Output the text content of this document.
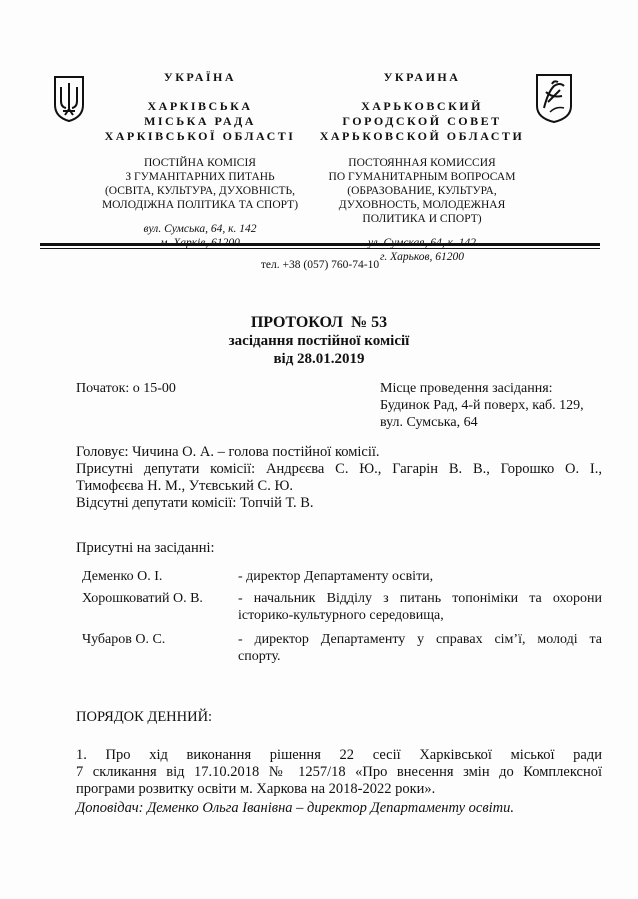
УКРАЇНА
ХАРКІВСЬКА
МІСЬКА РАДА
ХАРКІВСЬКОЇ ОБЛАСТІ
ПОСТІЙНА КОМІСІЯ
З ГУМАНІТАРНИХ ПИТАНЬ
(ОСВІТА, КУЛЬТУРА, ДУХОВНІСТЬ,
МОЛОДІЖНА ПОЛІТИКА ТА СПОРТ)
вул. Сумська, 64, к. 142
УКРАИНА
ХАРЬКОВСКИЙ
ГОРОДСКОЙ СОВЕТ
ХАРЬКОВСКОЙ ОБЛАСТИ
ПОСТОЯННАЯ КОМИССИЯ
ПО ГУМАНИТАРНЫМ ВОПРОСАМ
(ОБРАЗОВАНИЕ, КУЛЬТУРА,
ДУХОВНОСТЬ, МОЛОДЕЖНАЯ
ПОЛИТИКА И СПОРТ)
г. Харьков, 61200
тел. +38 (057) 760-74-10
ПРОТОКОЛ  № 53
засідання постійної комісії
від 28.01.2019
Початок: о 15-00	Місце проведення засідання:
Будинок Рад, 4-й поверх, каб. 129,
вул. Сумська, 64
Головує: Чичина О. А. – голова постійної комісії.
Присутні депутати комісії: Андрєєва С. Ю., Гагарін В. В., Горошко О. І.,
Тимофєєва Н. М., Утєвський С. Ю.
Відсутні депутати комісії: Топчій Т. В.
Присутні на засіданні:
Деменко О. І.	- директор Департаменту освіти,
Хорошковатий О. В.	- начальник Відділу з питань топоніміки та охорони
історико-культурного середовища,
Чубаров О. С.	- директор Департаменту у справах сім’ї, молоді та
спорту.
ПОРЯДОК ДЕННИЙ:
1. Про хід виконання рішення 22 сесії Харківської міської ради
7 скликання від 17.10.2018 № 1257/18 «Про внесення змін до Комплексної
програми розвитку освіти м. Харкова на 2018-2022 роки».
Доповідач: Деменко Ольга Іванівна – директор Департаменту освіти.
